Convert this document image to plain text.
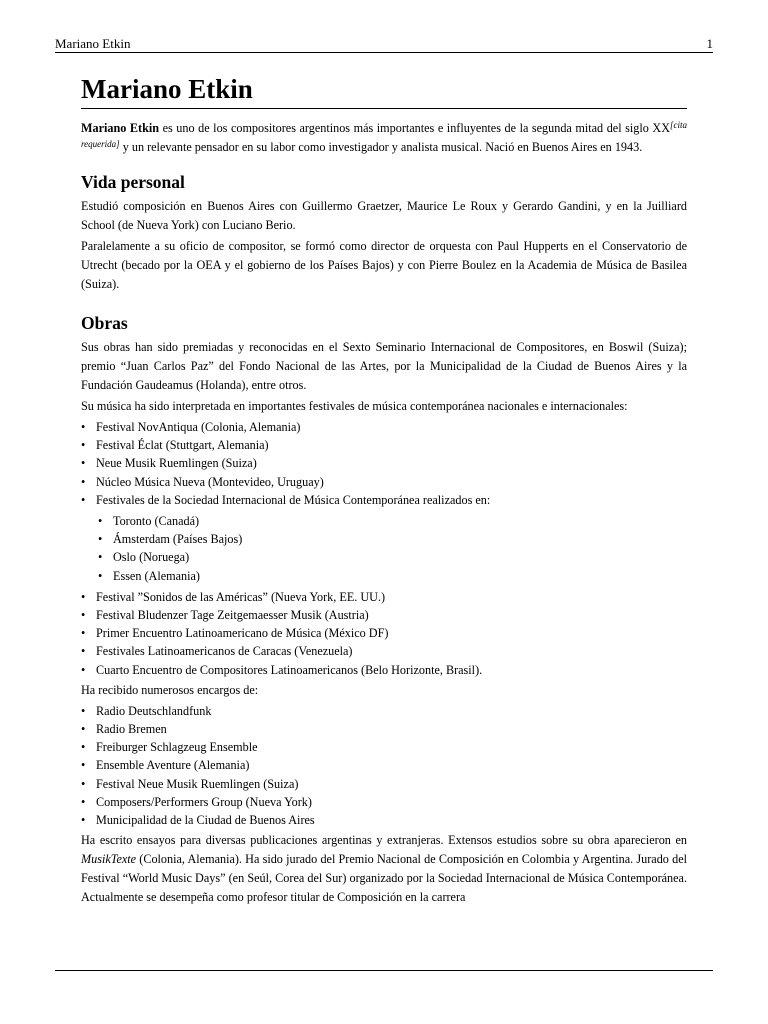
Mariano Etkin	1
Mariano Etkin

Mariano Etkin es uno de los compositores argentinos más importantes e influyentes de la segunda mitad del siglo XX[cita requerida] y un relevante pensador en su labor como investigador y analista musical. Nació en Buenos Aires en 1943.

Vida personal

Estudió composición en Buenos Aires con Guillermo Graetzer, Maurice Le Roux y Gerardo Gandini, y en la Juilliard School (de Nueva York) con Luciano Berio.

Paralelamente a su oficio de compositor, se formó como director de orquesta con Paul Hupperts en el Conservatorio de Utrecht (becado por la OEA y el gobierno de los Países Bajos) y con Pierre Boulez en la Academia de Música de Basilea (Suiza).

Obras

Sus obras han sido premiadas y reconocidas en el Sexto Seminario Internacional de Compositores, en Boswil (Suiza); premio “Juan Carlos Paz” del Fondo Nacional de las Artes, por la Municipalidad de la Ciudad de Buenos Aires y la Fundación Gaudeamus (Holanda), entre otros.

Su música ha sido interpretada en importantes festivales de música contemporánea nacionales e internacionales:

• Festival NovAntiqua (Colonia, Alemania)
• Festival Éclat (Stuttgart, Alemania)
• Neue Musik Ruemlingen (Suiza)
• Núcleo Música Nueva (Montevideo, Uruguay)
• Festivales de la Sociedad Internacional de Música Contemporánea realizados en:
• Toronto (Canadá)
• Ámsterdam (Países Bajos)
• Oslo (Noruega)
• Essen (Alemania)
• Festival ”Sonidos de las Américas” (Nueva York, EE. UU.)
• Festival Bludenzer Tage Zeitgemaesser Musik (Austria)
• Primer Encuentro Latinoamericano de Música (México DF)
• Festivales Latinoamericanos de Caracas (Venezuela)
• Cuarto Encuentro de Compositores Latinoamericanos (Belo Horizonte, Brasil).

Ha recibido numerosos encargos de:

• Radio Deutschlandfunk
• Radio Bremen
• Freiburger Schlagzeug Ensemble
• Ensemble Aventure (Alemania)
• Festival Neue Musik Ruemlingen (Suiza)
• Composers/Performers Group (Nueva York)
• Municipalidad de la Ciudad de Buenos Aires

Ha escrito ensayos para diversas publicaciones argentinas y extranjeras. Extensos estudios sobre su obra aparecieron en MusikTexte (Colonia, Alemania). Ha sido jurado del Premio Nacional de Composición en Colombia y Argentina. Jurado del Festival “World Music Days” (en Seúl, Corea del Sur) organizado por la Sociedad Internacional de Música Contemporánea. Actualmente se desempeña como profesor titular de Composición en la carrera
